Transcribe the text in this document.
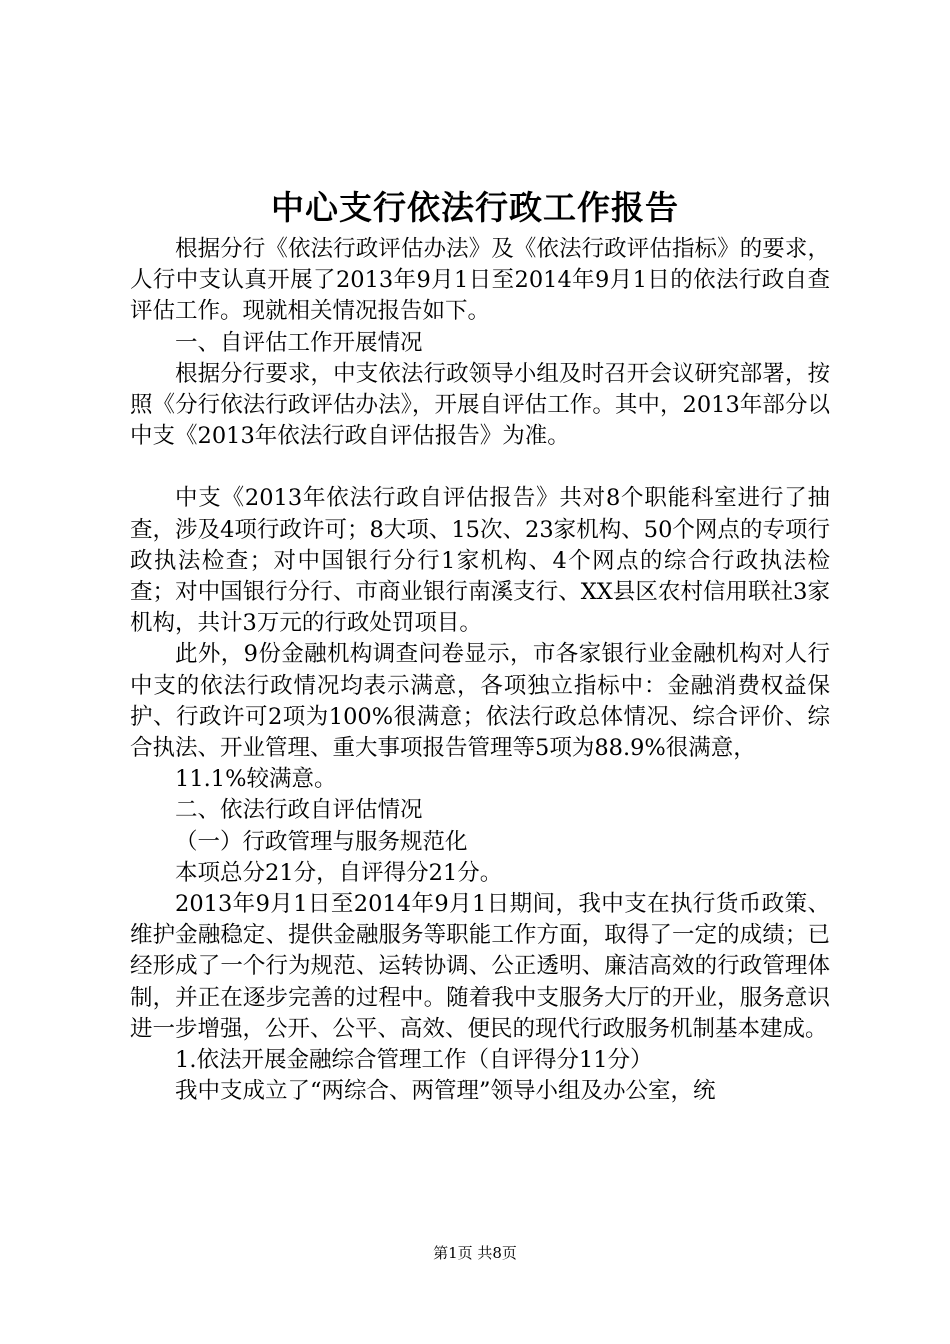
中心支行依法行政工作报告

根据分行《依法行政评估办法》及《依法行政评估指标》的要求，人行中支认真开展了2013年9月1日至2014年9月1日的依法行政自查评估工作。现就相关情况报告如下。

一、自评估工作开展情况

根据分行要求，中支依法行政领导小组及时召开会议研究部署，按照《分行依法行政评估办法》，开展自评估工作。其中，2013年部分以中支《2013年依法行政自评估报告》为准。

中支《2013年依法行政自评估报告》共对8个职能科室进行了抽查，涉及4项行政许可；8大项、15次、23家机构、50个网点的专项行政执法检查；对中国银行分行1家机构、4个网点的综合行政执法检查；对中国银行分行、市商业银行南溪支行、XX县区农村信用联社3家机构，共计3万元的行政处罚项目。

此外，9份金融机构调查问卷显示，市各家银行业金融机构对人行中支的依法行政情况均表示满意，各项独立指标中：金融消费权益保护、行政许可2项为100%很满意；依法行政总体情况、综合评价、综合执法、开业管理、重大事项报告管理等5项为88.9%很满意，

11.1%较满意。

二、依法行政自评估情况

（一）行政管理与服务规范化

本项总分21分，自评得分21分。

2013年9月1日至2014年9月1日期间，我中支在执行货币政策、维护金融稳定、提供金融服务等职能工作方面，取得了一定的成绩；已经形成了一个行为规范、运转协调、公正透明、廉洁高效的行政管理体制，并正在逐步完善的过程中。随着我中支服务大厅的开业，服务意识进一步增强，公开、公平、高效、便民的现代行政服务机制基本建成。

1.依法开展金融综合管理工作（自评得分11分）

我中支成立了“两综合、两管理”领导小组及办公室，统

第1页 共8页
